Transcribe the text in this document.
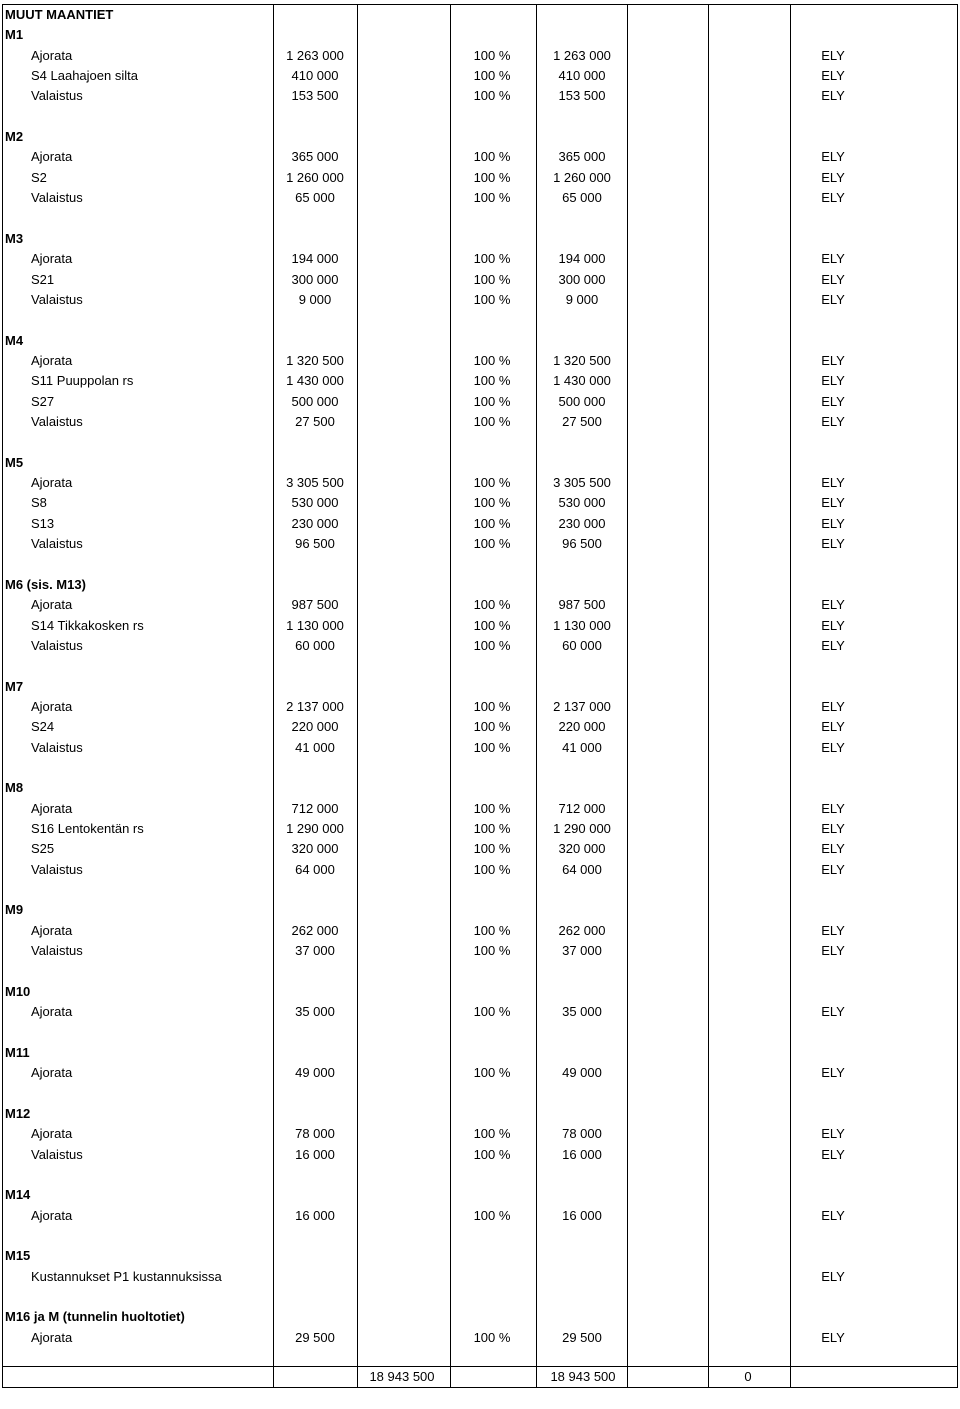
MUUT MAANTIET
M1
Ajorata	1 263 000	100 %	1 263 000	ELY
S4 Laahajoen silta	410 000	100 %	410 000	ELY
Valaistus	153 500	100 %	153 500	ELY
M2
Ajorata	365 000	100 %	365 000	ELY
S2	1 260 000	100 %	1 260 000	ELY
Valaistus	65 000	100 %	65 000	ELY
M3
Ajorata	194 000	100 %	194 000	ELY
S21	300 000	100 %	300 000	ELY
Valaistus	9 000	100 %	9 000	ELY
M4
Ajorata	1 320 500	100 %	1 320 500	ELY
S11 Puuppolan rs	1 430 000	100 %	1 430 000	ELY
S27	500 000	100 %	500 000	ELY
Valaistus	27 500	100 %	27 500	ELY
M5
Ajorata	3 305 500	100 %	3 305 500	ELY
S8	530 000	100 %	530 000	ELY
S13	230 000	100 %	230 000	ELY
Valaistus	96 500	100 %	96 500	ELY
M6 (sis. M13)
Ajorata	987 500	100 %	987 500	ELY
S14 Tikkakosken rs	1 130 000	100 %	1 130 000	ELY
Valaistus	60 000	100 %	60 000	ELY
M7
Ajorata	2 137 000	100 %	2 137 000	ELY
S24	220 000	100 %	220 000	ELY
Valaistus	41 000	100 %	41 000	ELY
M8
Ajorata	712 000	100 %	712 000	ELY
S16 Lentokentän rs	1 290 000	100 %	1 290 000	ELY
S25	320 000	100 %	320 000	ELY
Valaistus	64 000	100 %	64 000	ELY
M9
Ajorata	262 000	100 %	262 000	ELY
Valaistus	37 000	100 %	37 000	ELY
M10
Ajorata	35 000	100 %	35 000	ELY
M11
Ajorata	49 000	100 %	49 000	ELY
M12
Ajorata	78 000	100 %	78 000	ELY
Valaistus	16 000	100 %	16 000	ELY
M14
Ajorata	16 000	100 %	16 000	ELY
M15
Kustannukset P1 kustannuksissa	ELY
M16 ja M (tunnelin huoltotiet)
Ajorata	29 500	100 %	29 500	ELY
18 943 500	18 943 500	0
